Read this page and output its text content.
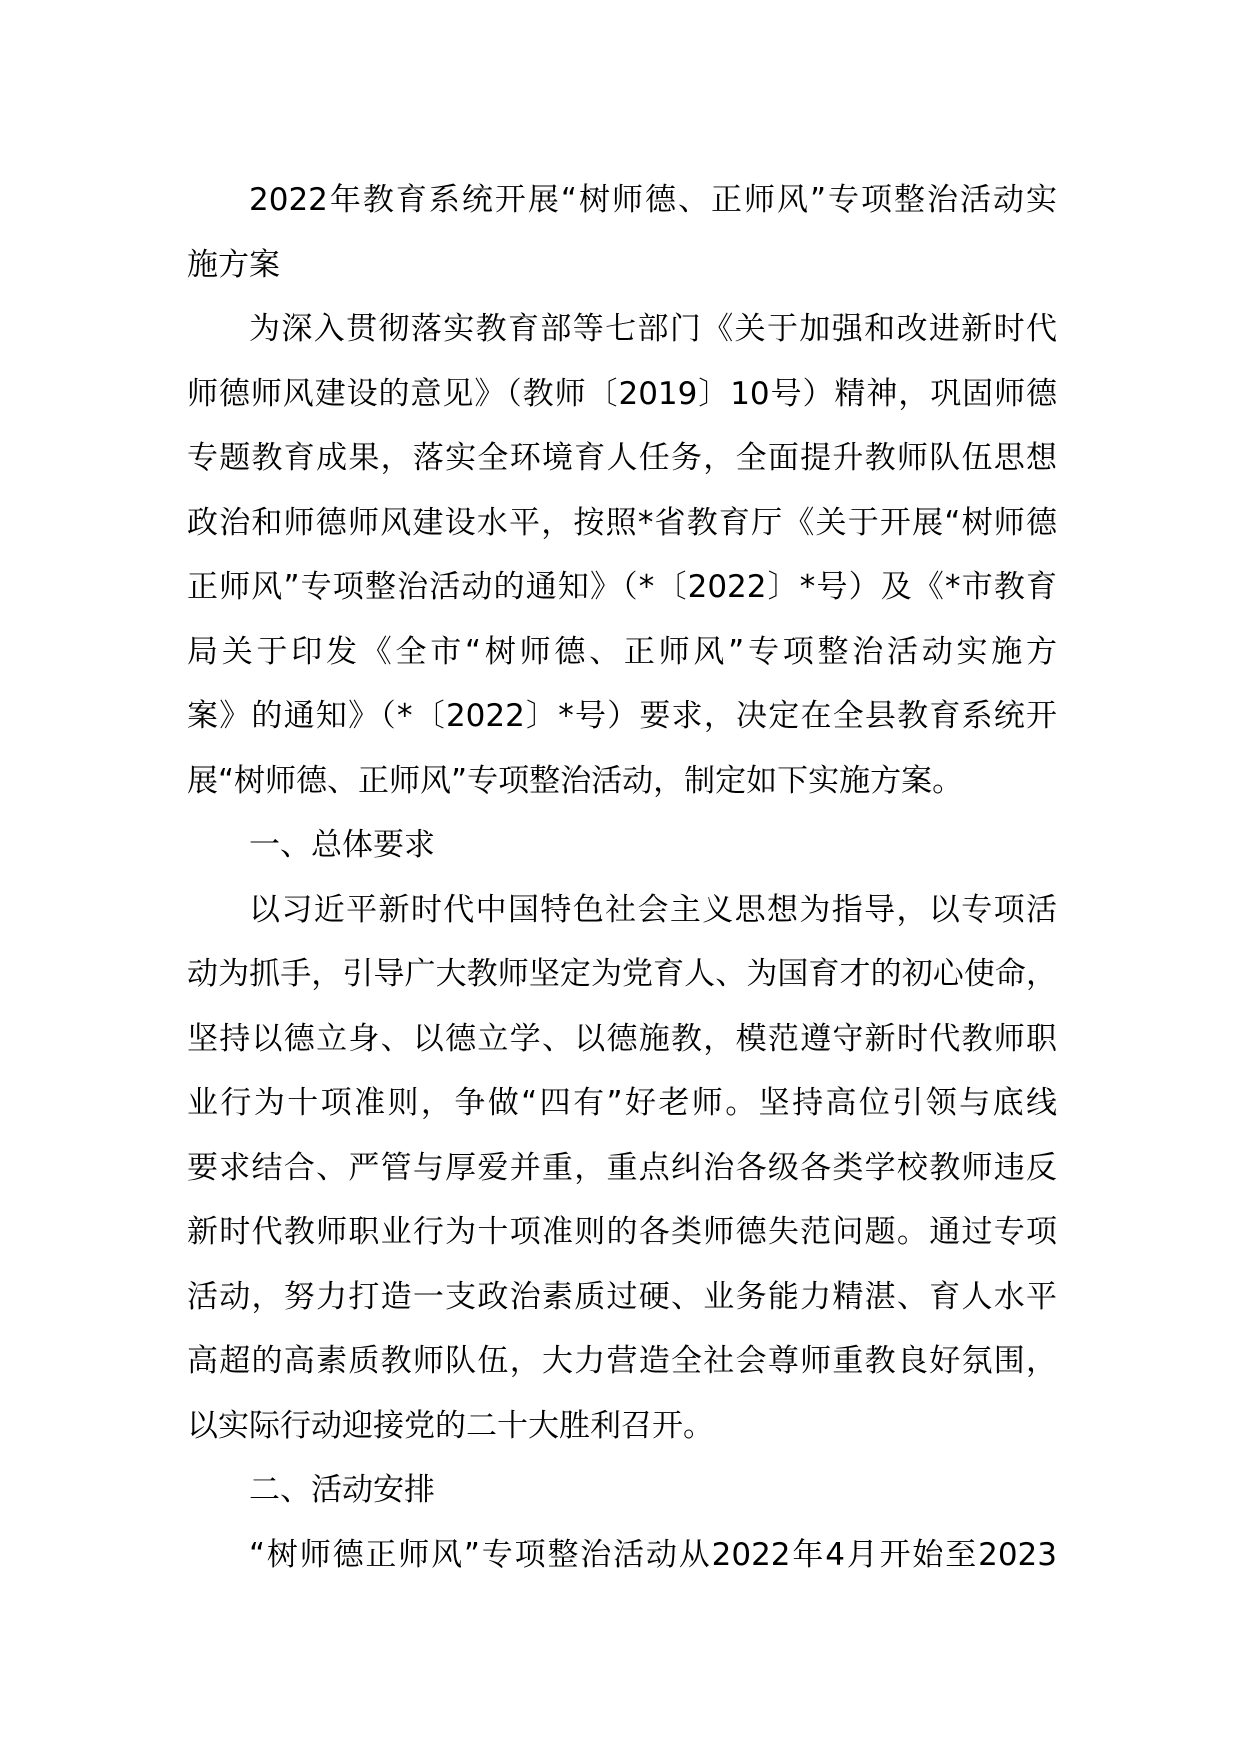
2022年教育系统开展“树师德、正师风”专项整治活动实
施方案
为深入贯彻落实教育部等七部门《关于加强和改进新时代
师德师风建设的意见》（教师〔2019〕10号）精神，巩固师德
专题教育成果，落实全环境育人任务，全面提升教师队伍思想
政治和师德师风建设水平，按照*省教育厅《关于开展“树师德
正师风”专项整治活动的通知》（*〔2022〕*号）及《*市教育
局关于印发《全市“树师德、正师风”专项整治活动实施方
案》的通知》（*〔2022〕*号）要求，决定在全县教育系统开
展“树师德、正师风”专项整治活动，制定如下实施方案。
一、总体要求
以习近平新时代中国特色社会主义思想为指导，以专项活
动为抓手，引导广大教师坚定为党育人、为国育才的初心使命，
坚持以德立身、以德立学、以德施教，模范遵守新时代教师职
业行为十项准则，争做“四有”好老师。坚持高位引领与底线
要求结合、严管与厚爱并重，重点纠治各级各类学校教师违反
新时代教师职业行为十项准则的各类师德失范问题。通过专项
活动，努力打造一支政治素质过硬、业务能力精湛、育人水平
高超的高素质教师队伍，大力营造全社会尊师重教良好氛围，
以实际行动迎接党的二十大胜利召开。
二、活动安排
“树师德正师风”专项整治活动从2022年4月开始至2023
